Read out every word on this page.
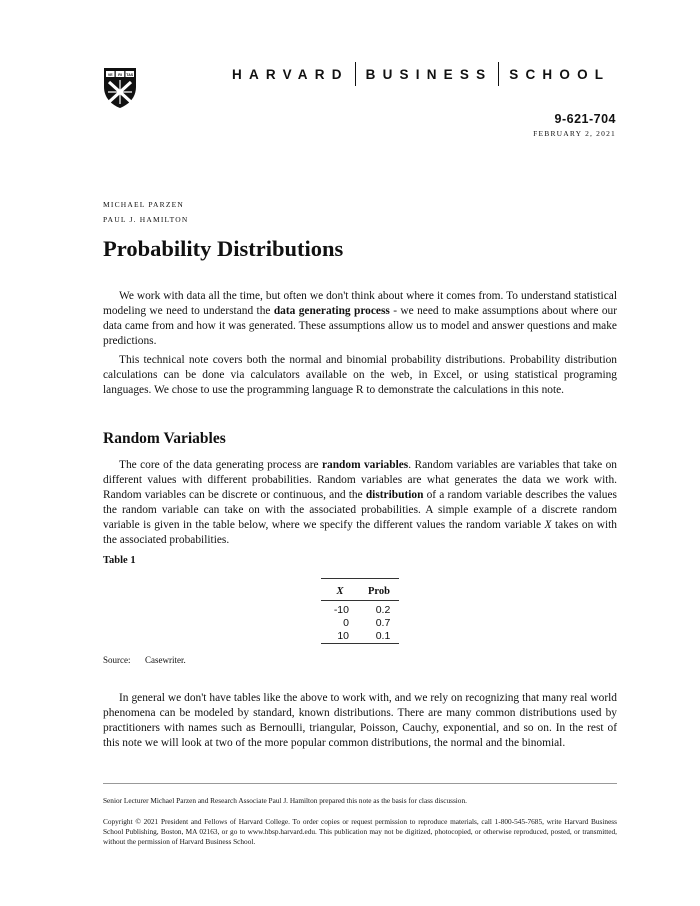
VE RI TAS	HARVARD BUSINESS SCHOOL
9-621-704
FEBRUARY 2, 2021
MICHAEL PARZEN
PAUL J. HAMILTON
Probability Distributions

We work with data all the time, but often we don't think about where it comes from. To understand statistical modeling we need to understand the data generating process - we need to make assumptions about where our data came from and how it was generated. These assumptions allow us to model and answer questions and make predictions.

This technical note covers both the normal and binomial probability distributions. Probability distribution calculations can be done via calculators available on the web, in Excel, or using statistical programing languages. We chose to use the programming language R to demonstrate the calculations in this note.

Random Variables

The core of the data generating process are random variables. Random variables are variables that take on different values with different probabilities. Random variables are what generates the data we work with. Random variables can be discrete or continuous, and the distribution of a random variable describes the values the random variable can take on with the associated probabilities. A simple example of a discrete random variable is given in the table below, where we specify the different values the random variable X takes on with the associated probabilities.

Table 1

X	Prob

-10	0.2
0	0.7
10	0.1
Source: Casewriter.

In general we don't have tables like the above to work with, and we rely on recognizing that many real world phenomena can be modeled by standard, known distributions. There are many common distributions used by practitioners with names such as Bernoulli, triangular, Poisson, Cauchy, exponential, and so on. In the rest of this note we will look at two of the more popular common distributions, the normal and the binomial.

Senior Lecturer Michael Parzen and Research Associate Paul J. Hamilton prepared this note as the basis for class discussion.
Copyright © 2021 President and Fellows of Harvard College. To order copies or request permission to reproduce materials, call 1-800-545-7685, write Harvard Business School Publishing, Boston, MA 02163, or go to www.hbsp.harvard.edu. This publication may not be digitized, photocopied, or otherwise reproduced, posted, or transmitted, without the permission of Harvard Business School.
